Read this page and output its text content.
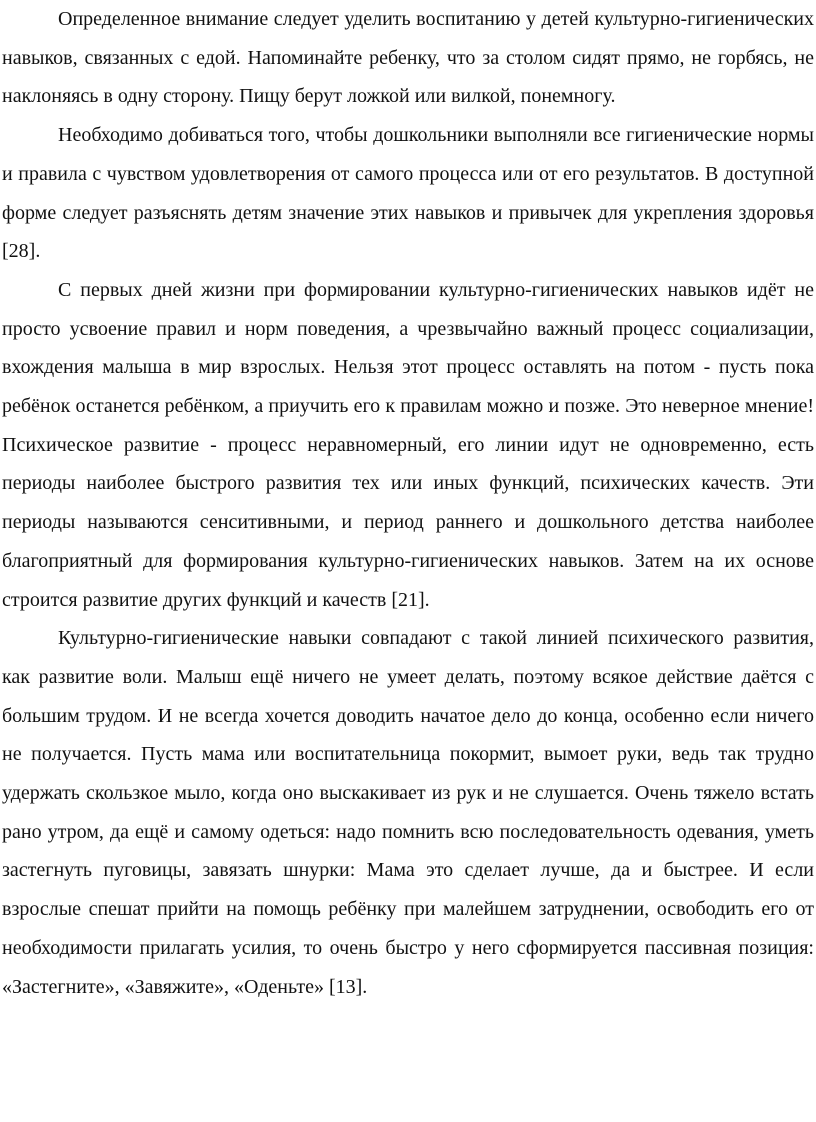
Определенное внимание следует уделить воспитанию у детей культурно-гигиенических навыков, связанных с едой. Напоминайте ребенку, что за столом сидят прямо, не горбясь, не наклоняясь в одну сторону. Пищу берут ложкой или вилкой, понемногу.

Необходимо добиваться того, чтобы дошкольники выполняли все гигиенические нормы и правила с чувством удовлетворения от самого процесса или от его результатов. В доступной форме следует разъяснять детям значение этих навыков и привычек для укрепления здоровья [28].

С первых дней жизни при формировании культурно-гигиенических навыков идёт не просто усвоение правил и норм поведения, а чрезвычайно важный процесс социализации, вхождения малыша в мир взрослых. Нельзя этот процесс оставлять на потом - пусть пока ребёнок останется ребёнком, а приучить его к правилам можно и позже. Это неверное мнение! Психическое развитие - процесс неравномерный, его линии идут не одновременно, есть периоды наиболее быстрого развития тех или иных функций, психических качеств. Эти периоды называются сенситивными, и период раннего и дошкольного детства наиболее благоприятный для формирования культурно-гигиенических навыков. Затем на их основе строится развитие других функций и качеств [21].

Культурно-гигиенические навыки совпадают с такой линией психического развития, как развитие воли. Малыш ещё ничего не умеет делать, поэтому всякое действие даётся с большим трудом. И не всегда хочется доводить начатое дело до конца, особенно если ничего не получается. Пусть мама или воспитательница покормит, вымоет руки, ведь так трудно удержать скользкое мыло, когда оно выскакивает из рук и не слушается. Очень тяжело встать рано утром, да ещё и самому одеться: надо помнить всю последовательность одевания, уметь застегнуть пуговицы, завязать шнурки: Мама это сделает лучше, да и быстрее. И если взрослые спешат прийти на помощь ребёнку при малейшем затруднении, освободить его от необходимости прилагать усилия, то очень быстро у него сформируется пассивная позиция: «Застегните», «Завяжите», «Оденьте» [13].
